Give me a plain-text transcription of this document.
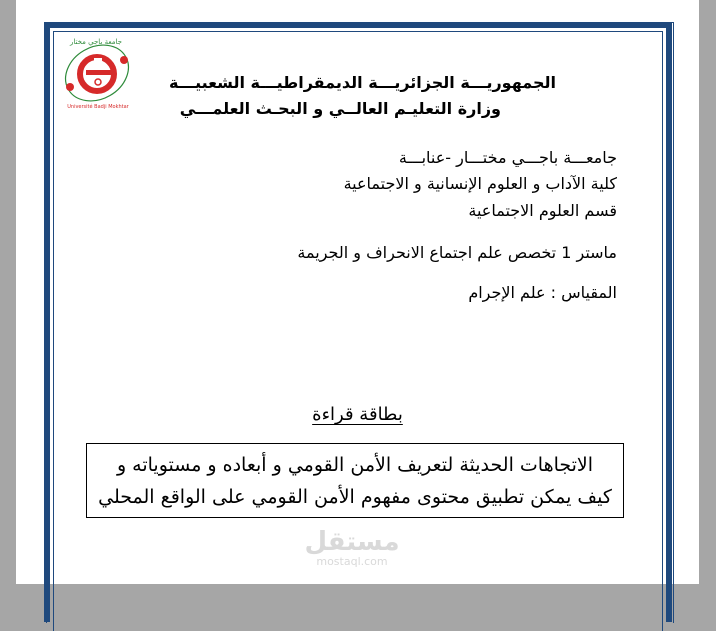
جامعة باجي مختار
Université Badji Mokhtar
الجمهوريـــة الجزائريـــة الديمقراطيـــة الشعبيـــة
وزارة التعليـم العالــي و البحـث العلمـــي
جامعـــة باجـــي مختـــار -عنابـــة
كلية الآداب و العلوم الإنسانية و الاجتماعية
قسم العلوم الاجتماعية
ماستر 1 تخصص علم اجتماع الانحراف و الجريمة
المقياس : علم الإجرام
بطاقة قراءة
الاتجاهات الحديثة لتعريف الأمن القومي و أبعاده و مستوياته و
كيف يمكن تطبيق محتوى مفهوم الأمن القومي على الواقع المحلي
مستقل
mostaql.com
